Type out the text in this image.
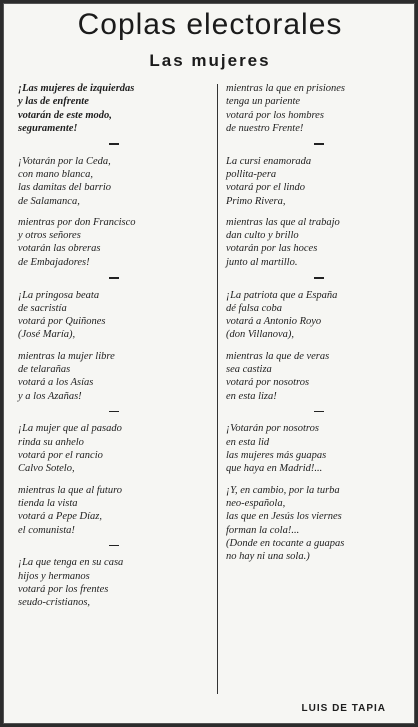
Coplas electorales
Las mujeres
¡Las mujeres de izquierdas
y las de enfrente
votarán de este modo,
seguramente!
¡Votarán por la Ceda,
con mano blanca,
las damitas del barrio
de Salamanca,
mientras por don Francisco
y otros señores
votarán las obreras
de Embajadores!
¡La pringosa beata
de sacristía
votará por Quiñones
(José María),
mientras la mujer libre
de telarañas
votará a los Asías
y a los Azañas!
¡La mujer que al pasado
rinda su anhelo
votará por el rancio
Calvo Sotelo,
mientras la que al futuro
tienda la vista
votará a Pepe Díaz,
el comunista!
¡La que tenga en su casa
hijos y hermanos
votará por los frentes
seudo-cristianos,
mientras la que en prisiones
tenga un pariente
votará por los hombres
de nuestro Frente!
La cursi enamorada
pollita-pera
votará por el lindo
Primo Rivera,
mientras las que al trabajo
dan culto y brillo
votarán por las hoces
junto al martillo.
¡La patriota que a España
dé falsa coba
votará a Antonio Royo
(don Villanova),
mientras la que de veras
sea castiza
votará por nosotros
en esta liza!
¡Votarán por nosotros
en esta lid
las mujeres más guapas
que haya en Madrid!...
¡Y, en cambio, por la turba
neo-española,
las que en Jesús los viernes
forman la cola!...
(Donde en tocante a guapas
no hay ni una sola.)
LUIS DE TAPIA
